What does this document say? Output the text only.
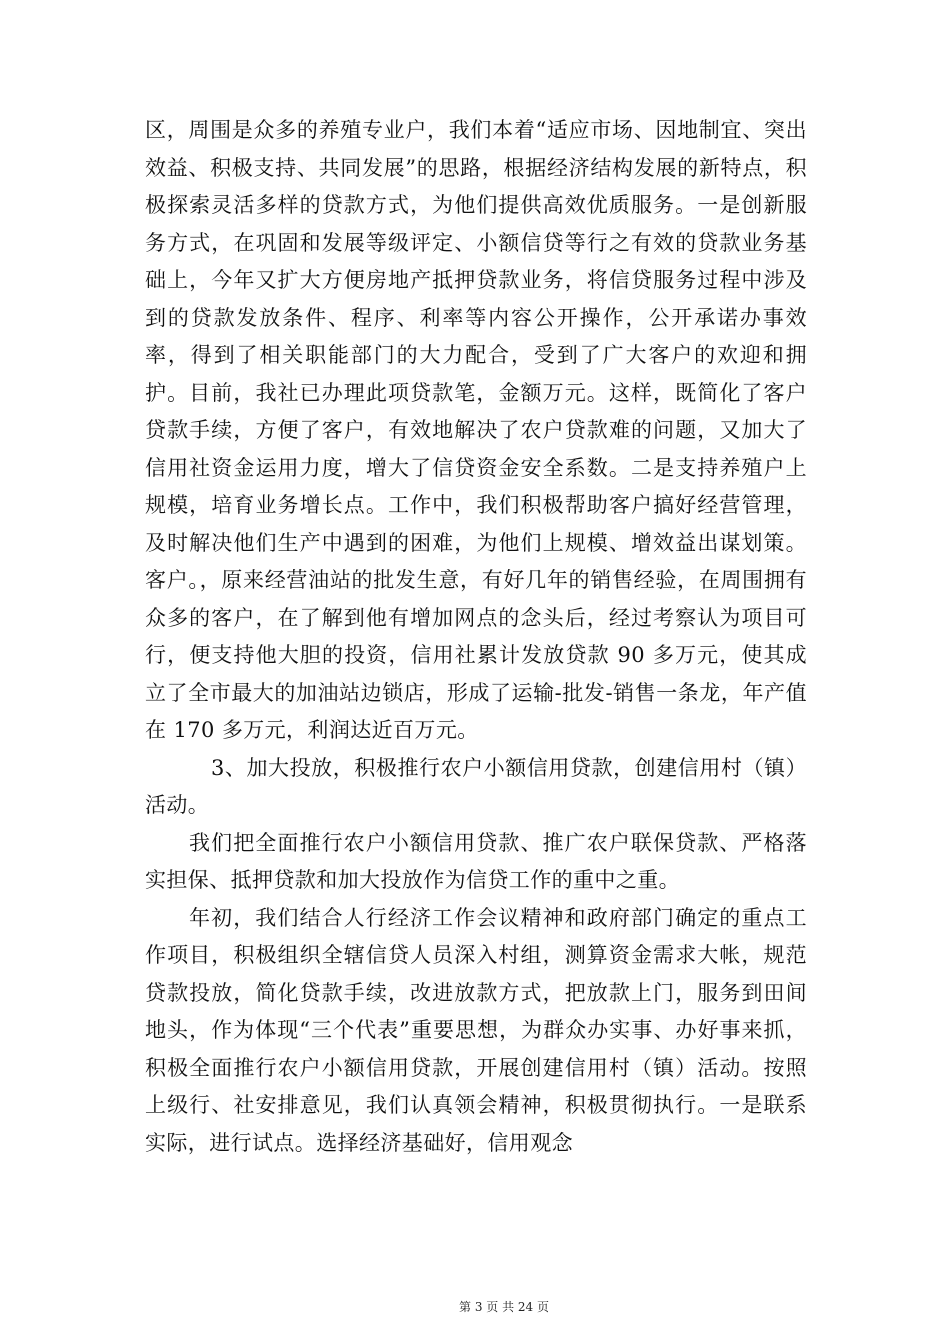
区，周围是众多的养殖专业户，我们本着“适应市场、因地制宜、突出效益、积极支持、共同发展”的思路，根据经济结构发展的新特点，积极探索灵活多样的贷款方式，为他们提供高效优质服务。一是创新服务方式，在巩固和发展等级评定、小额信贷等行之有效的贷款业务基础上，今年又扩大方便房地产抵押贷款业务，将信贷服务过程中涉及到的贷款发放条件、程序、利率等内容公开操作，公开承诺办事效率，得到了相关职能部门的大力配合，受到了广大客户的欢迎和拥护。目前，我社已办理此项贷款笔，金额万元。这样，既简化了客户贷款手续，方便了客户，有效地解决了农户贷款难的问题，又加大了信用社资金运用力度，增大了信贷资金安全系数。二是支持养殖户上规模，培育业务增长点。工作中，我们积极帮助客户搞好经营管理，及时解决他们生产中遇到的困难，为他们上规模、增效益出谋划策。客户。，原来经营油站的批发生意，有好几年的销售经验，在周围拥有众多的客户，在了解到他有增加网点的念头后，经过考察认为项目可行，便支持他大胆的投资，信用社累计发放贷款 90 多万元，使其成立了全市最大的加油站边锁店，形成了运输-批发-销售一条龙，年产值在 170 多万元，利润达近百万元。

3、加大投放，积极推行农户小额信用贷款，创建信用村（镇）活动。

我们把全面推行农户小额信用贷款、推广农户联保贷款、严格落实担保、抵押贷款和加大投放作为信贷工作的重中之重。

年初，我们结合人行经济工作会议精神和政府部门确定的重点工作项目，积极组织全辖信贷人员深入村组，测算资金需求大帐，规范贷款投放，简化贷款手续，改进放款方式，把放款上门，服务到田间地头，作为体现“三个代表”重要思想，为群众办实事、办好事来抓，积极全面推行农户小额信用贷款，开展创建信用村（镇）活动。按照上级行、社安排意见，我们认真领会精神，积极贯彻执行。一是联系实际，进行试点。选择经济基础好，信用观念

第 3 页 共 24 页
